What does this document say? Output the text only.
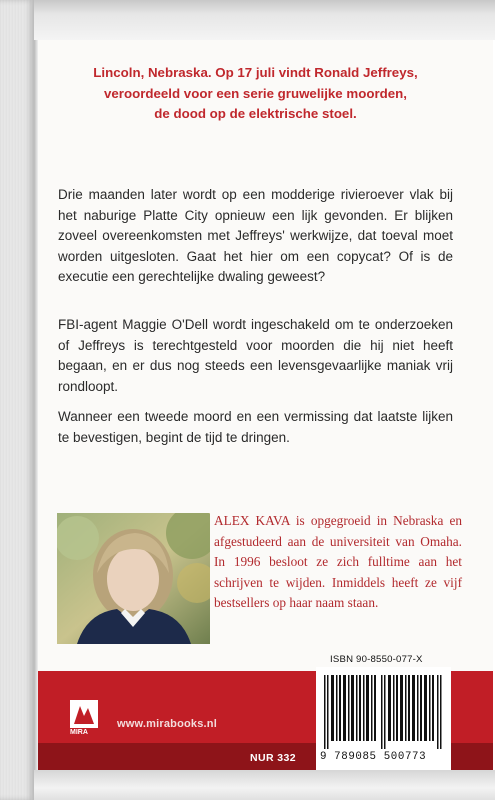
Lincoln, Nebraska. Op 17 juli vindt Ronald Jeffreys,
veroordeeld voor een serie gruwelijke moorden,
de dood op de elektrische stoel.
Drie maanden later wordt op een modderige rivieroever vlak bij het naburige Platte City opnieuw een lijk gevonden. Er blijken zoveel overeenkomsten met Jeffreys' werkwijze, dat toeval moet worden uitgesloten. Gaat het hier om een copycat? Of is de executie een gerechtelijke dwaling geweest?
FBI-agent Maggie O'Dell wordt ingeschakeld om te onderzoeken of Jeffreys is terechtgesteld voor moorden die hij niet heeft begaan, en er dus nog steeds een levensgevaarlijke maniak vrij rondloopt.
Wanneer een tweede moord en een vermissing dat laatste lijken te bevestigen, begint de tijd te dringen.
ALEX KAVA is opgegroeid in Nebraska en afgestudeerd aan de universiteit van Omaha. In 1996 besloot ze zich fulltime aan het schrijven te wijden. Inmiddels heeft ze vijf bestsellers op haar naam staan.
ISBN 90-8550-077-X
MIRA
www.mirabooks.nl
NUR 332 9 789085 500773
